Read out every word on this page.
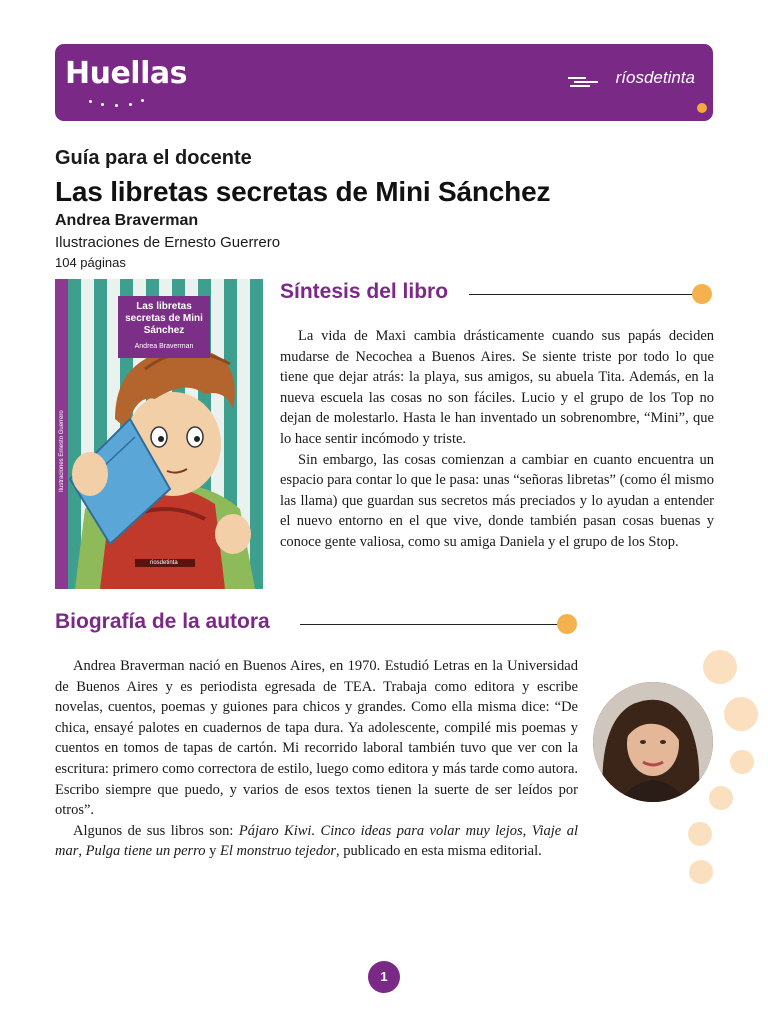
Huellas	ríosdetinta
Guía para el docente
Las libretas secretas de Mini Sánchez
Andrea Braverman
Ilustraciones de Ernesto Guerrero
104 páginas
Ilustraciones Ernesto Guerrero
Las libretas secretas de Mini Sánchez
Andrea Braverman
riosdetinta
Síntesis del libro

La vida de Maxi cambia drásticamente cuando sus papás deciden mudarse de Necochea a Buenos Aires. Se siente triste por todo lo que tiene que dejar atrás: la playa, sus amigos, su abuela Tita. Además, en la nueva escuela las cosas no son fáciles. Lucio y el grupo de los Top no dejan de molestarlo. Hasta le han inventado un sobrenombre, “Mini”, que lo hace sentir incómodo y triste.

Sin embargo, las cosas comienzan a cambiar en cuanto encuentra un espacio para contar lo que le pasa: unas “señoras libretas” (como él mismo las llama) que guardan sus secretos más preciados y lo ayudan a entender el nuevo entorno en el que vive, donde también pasan cosas buenas y conoce gente valiosa, como su amiga Daniela y el grupo de los Stop.

Biografía de la autora

Andrea Braverman nació en Buenos Aires, en 1970. Estudió Letras en la Universidad de Buenos Aires y es periodista egresada de TEA. Trabaja como editora y escribe novelas, cuentos, poemas y guiones para chicos y grandes. Como ella misma dice: “De chica, ensayé palotes en cuadernos de tapa dura. Ya adolescente, compilé mis poemas y cuentos en tomos de tapas de cartón. Mi recorrido laboral también tuvo que ver con la escritura: primero como correctora de estilo, luego como editora y más tarde como autora. Escribo siempre que puedo, y varios de esos textos tienen la suerte de ser leídos por otros”.

Algunos de sus libros son: Pájaro Kiwi. Cinco ideas para volar muy lejos, Viaje al mar, Pulga tiene un perro y El monstruo tejedor, publicado en esta misma editorial.

1
